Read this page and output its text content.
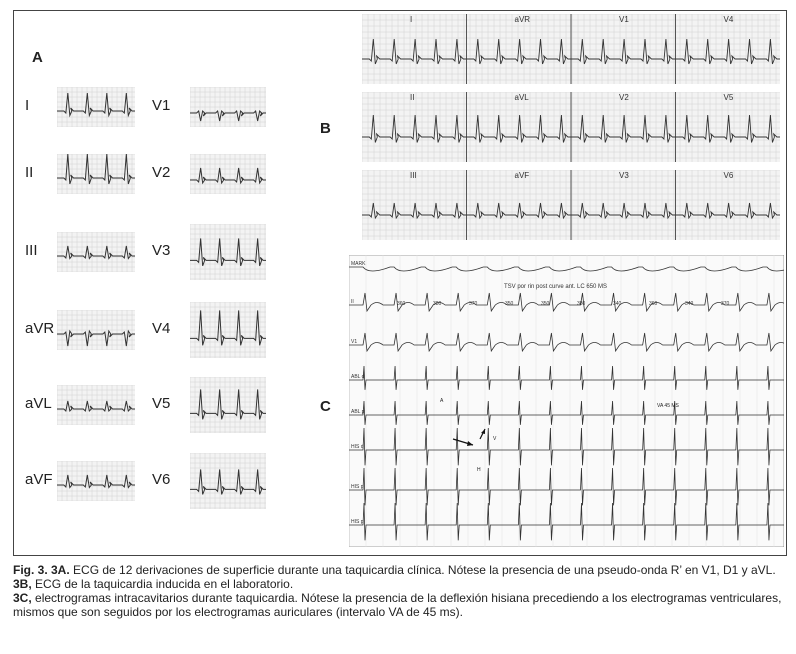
A
B
C
I
II
III
aVR
aVL
aVF
V1
V2
V3
V4
V5
V6
I	aVR	V1	V4
II	aVL	V2	V5
III	aVF	V3	V6
MARK
II
V1
ABL d
ABL p
HIS d
HIS p
HIS p
TSV por rin post curve ant. LC 650 MS
360	380	370	350	350	380	340	360	340	370
A
V
H
VA 45 MS

Fig. 3. 3A. ECG de 12 derivaciones de superficie durante una taquicardia clínica. Nótese la presencia de una pseudo-onda R’ en V1, D1 y aVL.

3B, ECG de la taquicardia inducida en el laboratorio.

3C, electrogramas intracavitarios durante taquicardia. Nótese la presencia de la deflexión hisiana precediendo a los electrogramas ventriculares, mismos que son seguidos por los electrogramas auriculares (intervalo VA de 45 ms).
